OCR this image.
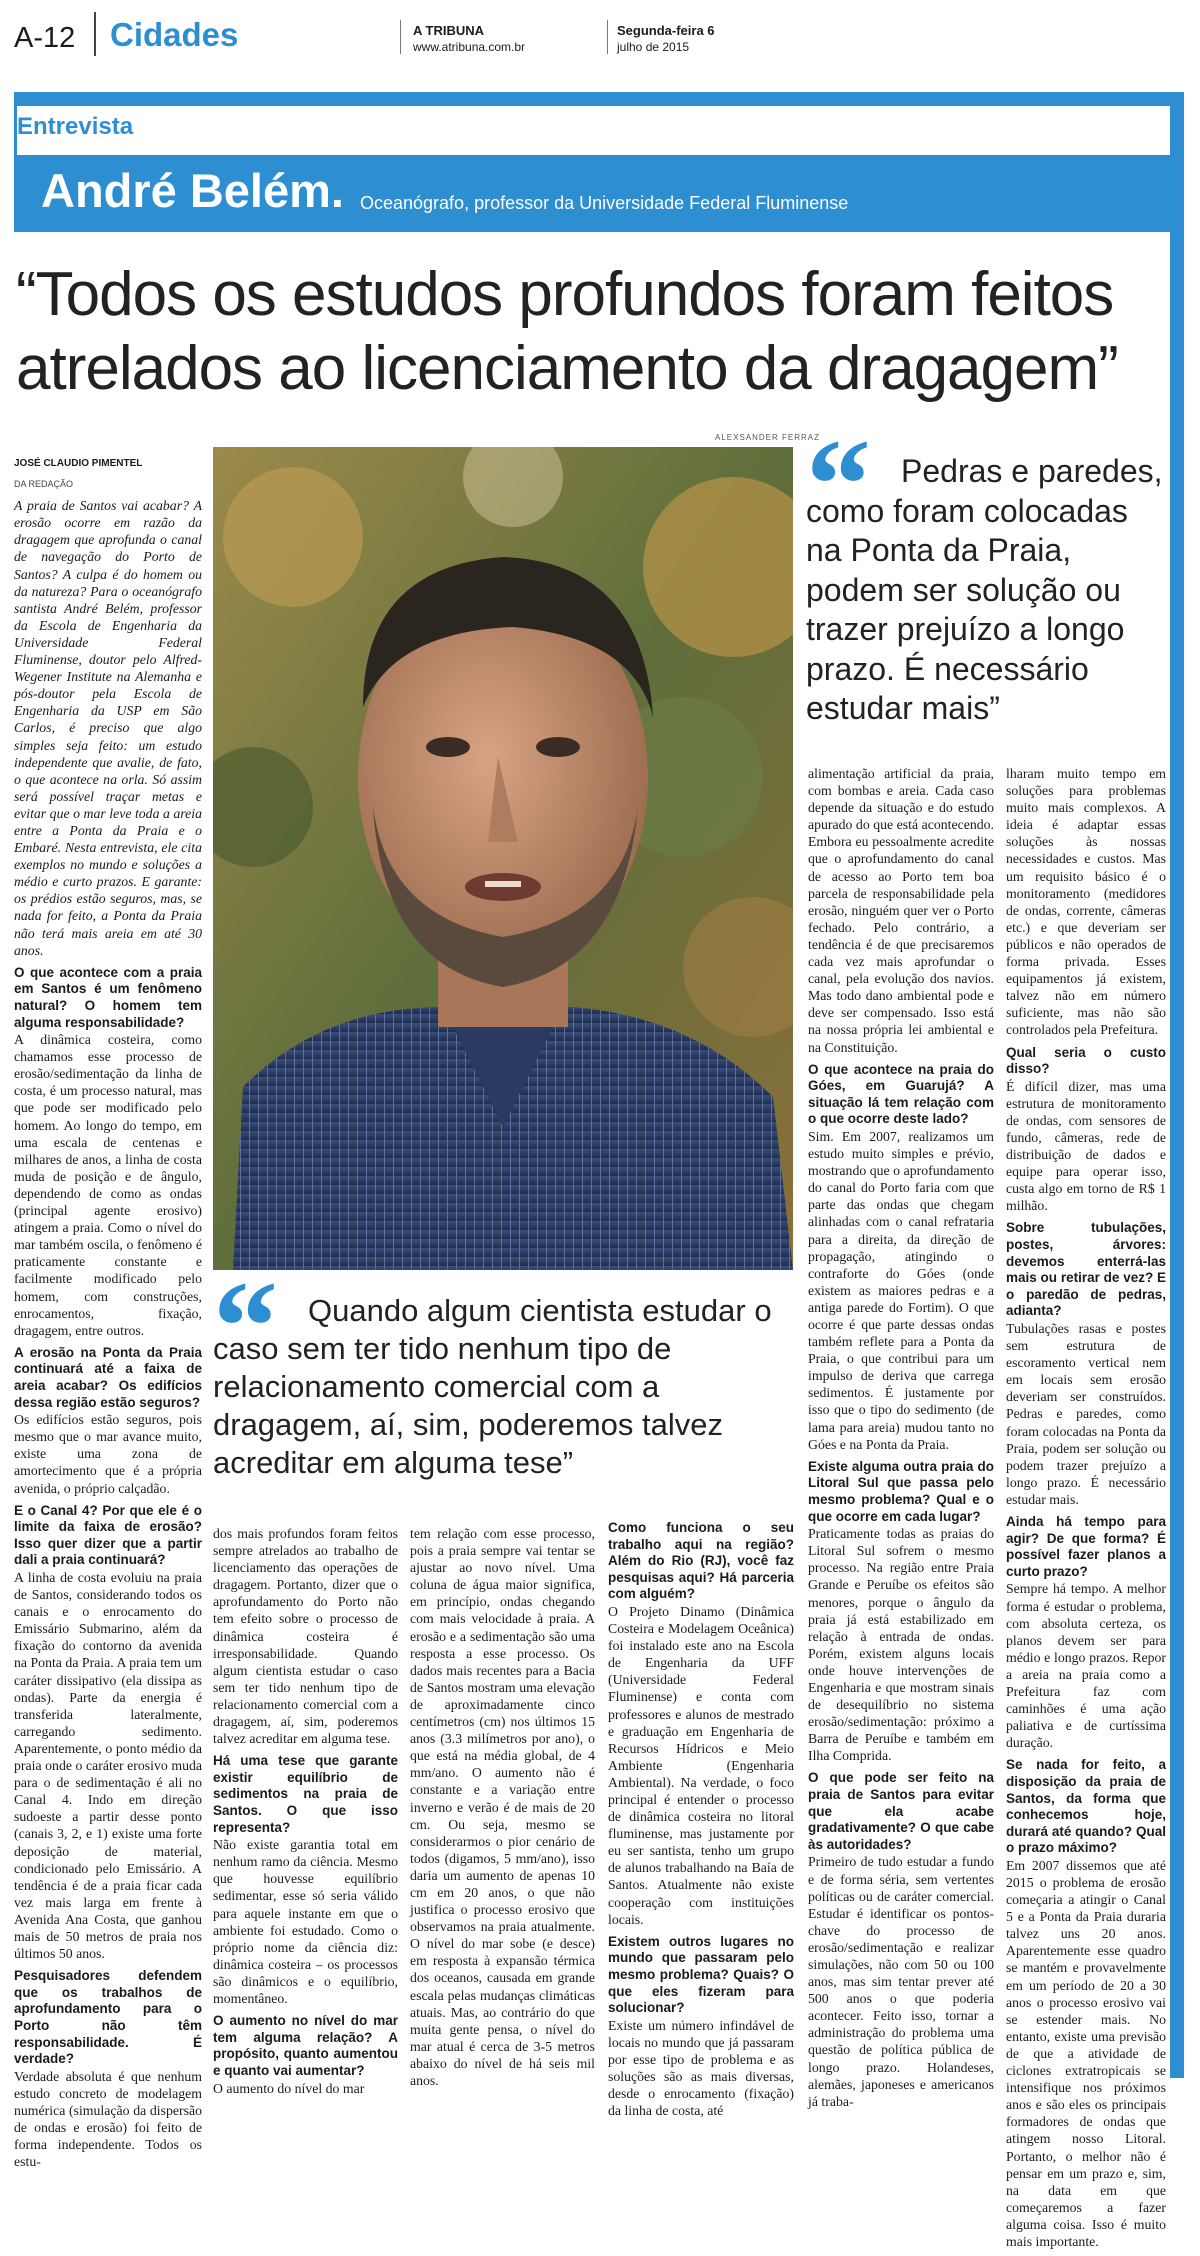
A-12 Cidades	A TRIBUNA
www.atribuna.com.br
Segunda-feira 6
julho de 2015
Entrevista
André Belém. Oceanógrafo, professor da Universidade Federal Fluminense
“Todos os estudos profundos foram feitos atrelados ao licenciamento da dragagem”
ALEXSANDER FERRAZ
“ Pedras e paredes, como foram colocadas na Ponta da Praia, podem ser solução ou trazer prejuízo a longo prazo. É necessário estudar mais”
“ Quando algum cientista estudar o caso sem ter tido nenhum tipo de relacionamento comercial com a dragagem, aí, sim, poderemos talvez acreditar em alguma tese”
JOSÉ CLAUDIO PIMENTEL
DA REDAÇÃO

A praia de Santos vai acabar? A erosão ocorre em razão da dragagem que aprofunda o canal de navegação do Porto de Santos? A culpa é do homem ou da natureza? Para o oceanógrafo santista André Belém, professor da Escola de Engenharia da Universidade Federal Fluminense, doutor pelo Alfred-Wegener Institute na Alemanha e pós-doutor pela Escola de Engenharia da USP em São Carlos, é preciso que algo simples seja feito: um estudo independente que avalie, de fato, o que acontece na orla. Só assim será possível traçar metas e evitar que o mar leve toda a areia entre a Ponta da Praia e o Embaré. Nesta entrevista, ele cita exemplos no mundo e soluções a médio e curto prazos. E garante: os prédios estão seguros, mas, se nada for feito, a Ponta da Praia não terá mais areia em até 30 anos.

O que acontece com a praia em Santos é um fenômeno natural? O homem tem alguma responsabilidade?

A dinâmica costeira, como chamamos esse processo de erosão/sedimentação da linha de costa, é um processo natural, mas que pode ser modificado pelo homem. Ao longo do tempo, em uma escala de centenas e milhares de anos, a linha de costa muda de posição e de ângulo, dependendo de como as ondas (principal agente erosivo) atingem a praia. Como o nível do mar também oscila, o fenômeno é praticamente constante e facilmente modificado pelo homem, com construções, enrocamentos, fixação, dragagem, entre outros.

A erosão na Ponta da Praia continuará até a faixa de areia acabar? Os edifícios dessa região estão seguros?

Os edifícios estão seguros, pois mesmo que o mar avance muito, existe uma zona de amortecimento que é a própria avenida, o próprio calçadão.

E o Canal 4? Por que ele é o limite da faixa de erosão? Isso quer dizer que a partir dali a praia continuará?

A linha de costa evoluiu na praia de Santos, considerando todos os canais e o enrocamento do Emissário Submarino, além da fixação do contorno da avenida na Ponta da Praia. A praia tem um caráter dissipativo (ela dissipa as ondas). Parte da energia é transferida lateralmente, carregando sedimento. Aparentemente, o ponto médio da praia onde o caráter erosivo muda para o de sedimentação é ali no Canal 4. Indo em direção sudoeste a partir desse ponto (canais 3, 2, e 1) existe uma forte deposição de material, condicionado pelo Emissário. A tendência é de a praia ficar cada vez mais larga em frente à Avenida Ana Costa, que ganhou mais de 50 metros de praia nos últimos 50 anos.

Pesquisadores defendem que os trabalhos de aprofundamento para o Porto não têm responsabilidade. É verdade?

Verdade absoluta é que nenhum estudo concreto de modelagem numérica (simulação da dispersão de ondas e erosão) foi feito de forma independente. Todos os estu-

dos mais profundos foram feitos sempre atrelados ao trabalho de licenciamento das operações de dragagem. Portanto, dizer que o aprofundamento do Porto não tem efeito sobre o processo de dinâmica costeira é irresponsabilidade. Quando algum cientista estudar o caso sem ter tido nenhum tipo de relacionamento comercial com a dragagem, aí, sim, poderemos talvez acreditar em alguma tese.

Há uma tese que garante existir equilíbrio de sedimentos na praia de Santos. O que isso representa?

Não existe garantia total em nenhum ramo da ciência. Mesmo que houvesse equilíbrio sedimentar, esse só seria válido para aquele instante em que o ambiente foi estudado. Como o próprio nome da ciência diz: dinâmica costeira – os processos são dinâmicos e o equilíbrio, momentâneo.

O aumento no nível do mar tem alguma relação? A propósito, quanto aumentou e quanto vai aumentar?

O aumento do nível do mar

tem relação com esse processo, pois a praia sempre vai tentar se ajustar ao novo nível. Uma coluna de água maior significa, em princípio, ondas chegando com mais velocidade à praia. A erosão e a sedimentação são uma resposta a esse processo. Os dados mais recentes para a Bacia de Santos mostram uma elevação de aproximadamente cinco centímetros (cm) nos últimos 15 anos (3.3 milímetros por ano), o que está na média global, de 4 mm/ano. O aumento não é constante e a variação entre inverno e verão é de mais de 20 cm. Ou seja, mesmo se considerarmos o pior cenário de todos (digamos, 5 mm/ano), isso daria um aumento de apenas 10 cm em 20 anos, o que não justifica o processo erosivo que observamos na praia atualmente. O nível do mar sobe (e desce) em resposta à expansão térmica dos oceanos, causada em grande escala pelas mudanças climáticas atuais. Mas, ao contrário do que muita gente pensa, o nível do mar atual é cerca de 3-5 metros abaixo do nível de há seis mil anos.

Como funciona o seu trabalho aqui na região? Além do Rio (RJ), você faz pesquisas aqui? Há parceria com alguém?

O Projeto Dinamo (Dinâmica Costeira e Modelagem Oceânica) foi instalado este ano na Escola de Engenharia da UFF (Universidade Federal Fluminense) e conta com professores e alunos de mestrado e graduação em Engenharia de Recursos Hídricos e Meio Ambiente (Engenharia Ambiental). Na verdade, o foco principal é entender o processo de dinâmica costeira no litoral fluminense, mas justamente por eu ser santista, tenho um grupo de alunos trabalhando na Baía de Santos. Atualmente não existe cooperação com instituições locais.

Existem outros lugares no mundo que passaram pelo mesmo problema? Quais? O que eles fizeram para solucionar?

Existe um número infindável de locais no mundo que já passaram por esse tipo de problema e as soluções são as mais diversas, desde o enrocamento (fixação) da linha de costa, até

alimentação artificial da praia, com bombas e areia. Cada caso depende da situação e do estudo apurado do que está acontecendo. Embora eu pessoalmente acredite que o aprofundamento do canal de acesso ao Porto tem boa parcela de responsabilidade pela erosão, ninguém quer ver o Porto fechado. Pelo contrário, a tendência é de que precisaremos cada vez mais aprofundar o canal, pela evolução dos navios. Mas todo dano ambiental pode e deve ser compensado. Isso está na nossa própria lei ambiental e na Constituição.

O que acontece na praia do Góes, em Guarujá? A situação lá tem relação com o que ocorre deste lado?

Sim. Em 2007, realizamos um estudo muito simples e prévio, mostrando que o aprofundamento do canal do Porto faria com que parte das ondas que chegam alinhadas com o canal refrataria para a direita, da direção de propagação, atingindo o contraforte do Góes (onde existem as maiores pedras e a antiga parede do Fortim). O que ocorre é que parte dessas ondas também reflete para a Ponta da Praia, o que contribui para um impulso de deriva que carrega sedimentos. É justamente por isso que o tipo do sedimento (de lama para areia) mudou tanto no Góes e na Ponta da Praia.

Existe alguma outra praia do Litoral Sul que passa pelo mesmo problema? Qual e o que ocorre em cada lugar?

Praticamente todas as praias do Litoral Sul sofrem o mesmo processo. Na região entre Praia Grande e Peruíbe os efeitos são menores, porque o ângulo da praia já está estabilizado em relação à entrada de ondas. Porém, existem alguns locais onde houve intervenções de Engenharia e que mostram sinais de desequilíbrio no sistema erosão/sedimentação: próximo a Barra de Peruíbe e também em Ilha Comprida.

O que pode ser feito na praia de Santos para evitar que ela acabe gradativamente? O que cabe às autoridades?

Primeiro de tudo estudar a fundo e de forma séria, sem vertentes políticas ou de caráter comercial. Estudar é identificar os pontos-chave do processo de erosão/sedimentação e realizar simulações, não com 50 ou 100 anos, mas sim tentar prever até 500 anos o que poderia acontecer. Feito isso, tornar a administração do problema uma questão de política pública de longo prazo. Holandeses, alemães, japoneses e americanos já traba-

lharam muito tempo em soluções para problemas muito mais complexos. A ideia é adaptar essas soluções às nossas necessidades e custos. Mas um requisito básico é o monitoramento (medidores de ondas, corrente, câmeras etc.) e que deveriam ser públicos e não operados de forma privada. Esses equipamentos já existem, talvez não em número suficiente, mas não são controlados pela Prefeitura.

Qual seria o custo disso?

É difícil dizer, mas uma estrutura de monitoramento de ondas, com sensores de fundo, câmeras, rede de distribuição de dados e equipe para operar isso, custa algo em torno de R$ 1 milhão.

Sobre tubulações, postes, árvores: devemos enterrá-las mais ou retirar de vez? E o paredão de pedras, adianta?

Tubulações rasas e postes sem estrutura de escoramento vertical nem em locais sem erosão deveriam ser construídos. Pedras e paredes, como foram colocadas na Ponta da Praia, podem ser solução ou podem trazer prejuízo a longo prazo. É necessário estudar mais.

Ainda há tempo para agir? De que forma? É possível fazer planos a curto prazo?

Sempre há tempo. A melhor forma é estudar o problema, com absoluta certeza, os planos devem ser para médio e longo prazos. Repor a areia na praia como a Prefeitura faz com caminhões é uma ação paliativa e de curtíssima duração.

Se nada for feito, a disposição da praia de Santos, da forma que conhecemos hoje, durará até quando? Qual o prazo máximo?

Em 2007 dissemos que até 2015 o problema de erosão começaria a atingir o Canal 5 e a Ponta da Praia duraria talvez uns 20 anos. Aparentemente esse quadro se mantém e provavelmente em um período de 20 a 30 anos o processo erosivo vai se estender mais. No entanto, existe uma previsão de que a atividade de ciclones extratropicais se intensifique nos próximos anos e são eles os principais formadores de ondas que atingem nosso Litoral. Portanto, o melhor não é pensar em um prazo e, sim, na data em que começaremos a fazer alguma coisa. Isso é muito mais importante.
